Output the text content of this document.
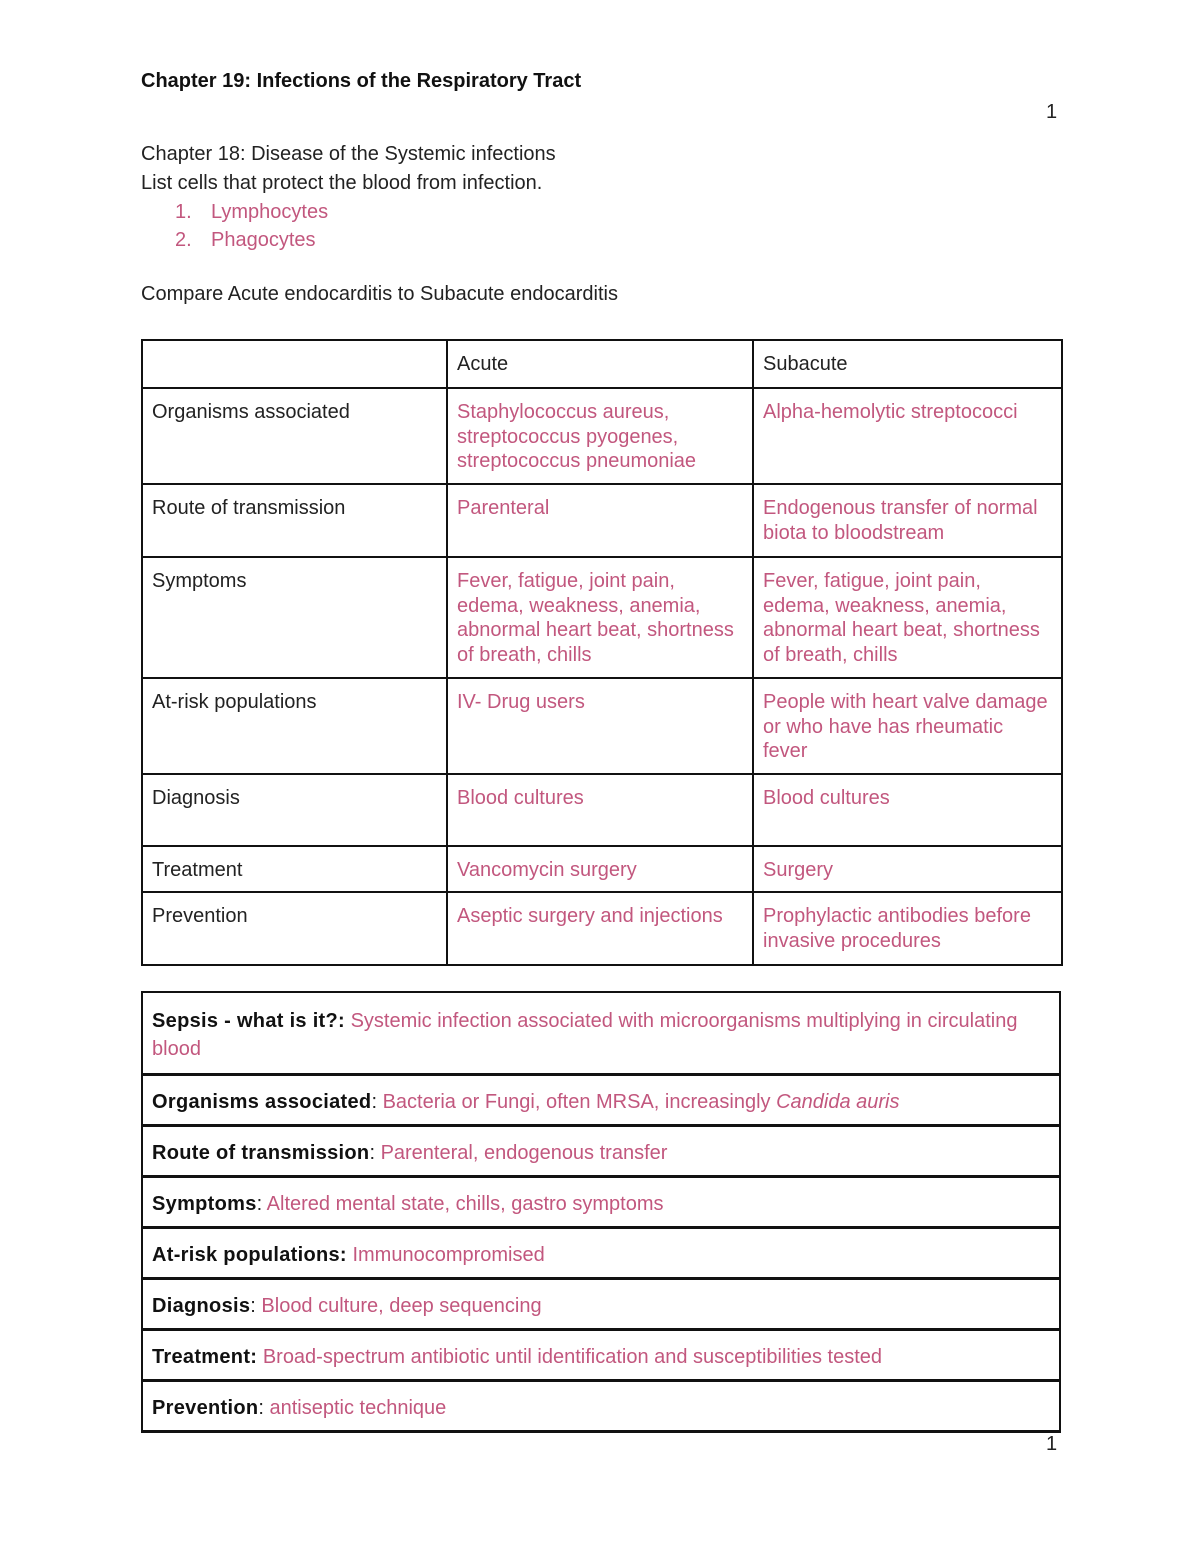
Chapter 19: Infections of the Respiratory Tract
1

Chapter 18: Disease of the Systemic infections

List cells that protect the blood from infection.

1. Lymphocytes
2. Phagocytes
Compare Acute endocarditis to Subacute endocarditis
	Acute	Subacute
Organisms associated	Staphylococcus aureus, streptococcus pyogenes, streptococcus pneumoniae	Alpha-hemolytic streptococci
Route of transmission	Parenteral	Endogenous transfer of normal biota to bloodstream
Symptoms	Fever, fatigue, joint pain, edema, weakness, anemia, abnormal heart beat, shortness of breath, chills	Fever, fatigue, joint pain, edema, weakness, anemia, abnormal heart beat, shortness of breath, chills
At-risk populations	IV- Drug users	People with heart valve damage or who have has rheumatic fever
Diagnosis	Blood cultures	Blood cultures
Treatment	Vancomycin surgery	Surgery
Prevention	Aseptic surgery and injections	Prophylactic antibodies before invasive procedures
Sepsis - what is it?: Systemic infection associated with microorganisms multiplying in circulating blood
Organisms associated: Bacteria or Fungi, often MRSA, increasingly Candida auris
Route of transmission: Parenteral, endogenous transfer
Symptoms: Altered mental state, chills, gastro symptoms
At-risk populations: Immunocompromised
Diagnosis: Blood culture, deep sequencing
Treatment: Broad-spectrum antibiotic until identification and susceptibilities tested
Prevention: antiseptic technique
1
